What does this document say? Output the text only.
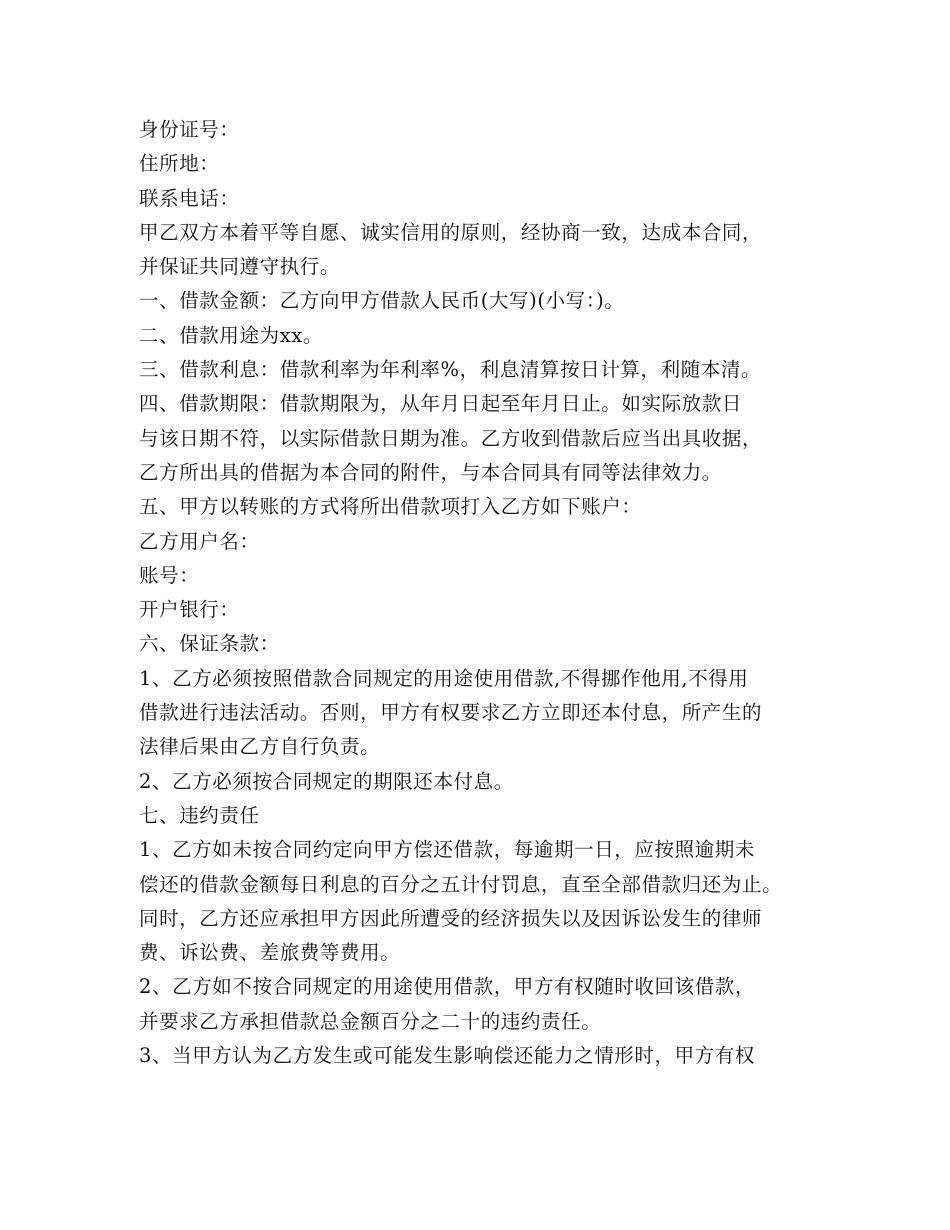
身份证号：
住所地：
联系电话：
甲乙双方本着平等自愿、诚实信用的原则，经协商一致，达成本合同，
并保证共同遵守执行。
一、借款金额：乙方向甲方借款人民币(大写)(小写：)。
二、借款用途为xx。
三、借款利息：借款利率为年利率%，利息清算按日计算，利随本清。
四、借款期限：借款期限为，从年月日起至年月日止。如实际放款日
与该日期不符，以实际借款日期为准。乙方收到借款后应当出具收据，
乙方所出具的借据为本合同的附件，与本合同具有同等法律效力。
五、甲方以转账的方式将所出借款项打入乙方如下账户：
乙方用户名：
账号：
开户银行：
六、保证条款：
1、乙方必须按照借款合同规定的用途使用借款,不得挪作他用,不得用
借款进行违法活动。否则，甲方有权要求乙方立即还本付息，所产生的
法律后果由乙方自行负责。
2、乙方必须按合同规定的期限还本付息。
七、违约责任
1、乙方如未按合同约定向甲方偿还借款，每逾期一日，应按照逾期未
偿还的借款金额每日利息的百分之五计付罚息，直至全部借款归还为止。
同时，乙方还应承担甲方因此所遭受的经济损失以及因诉讼发生的律师
费、诉讼费、差旅费等费用。
2、乙方如不按合同规定的用途使用借款，甲方有权随时收回该借款，
并要求乙方承担借款总金额百分之二十的违约责任。
3、当甲方认为乙方发生或可能发生影响偿还能力之情形时，甲方有权
